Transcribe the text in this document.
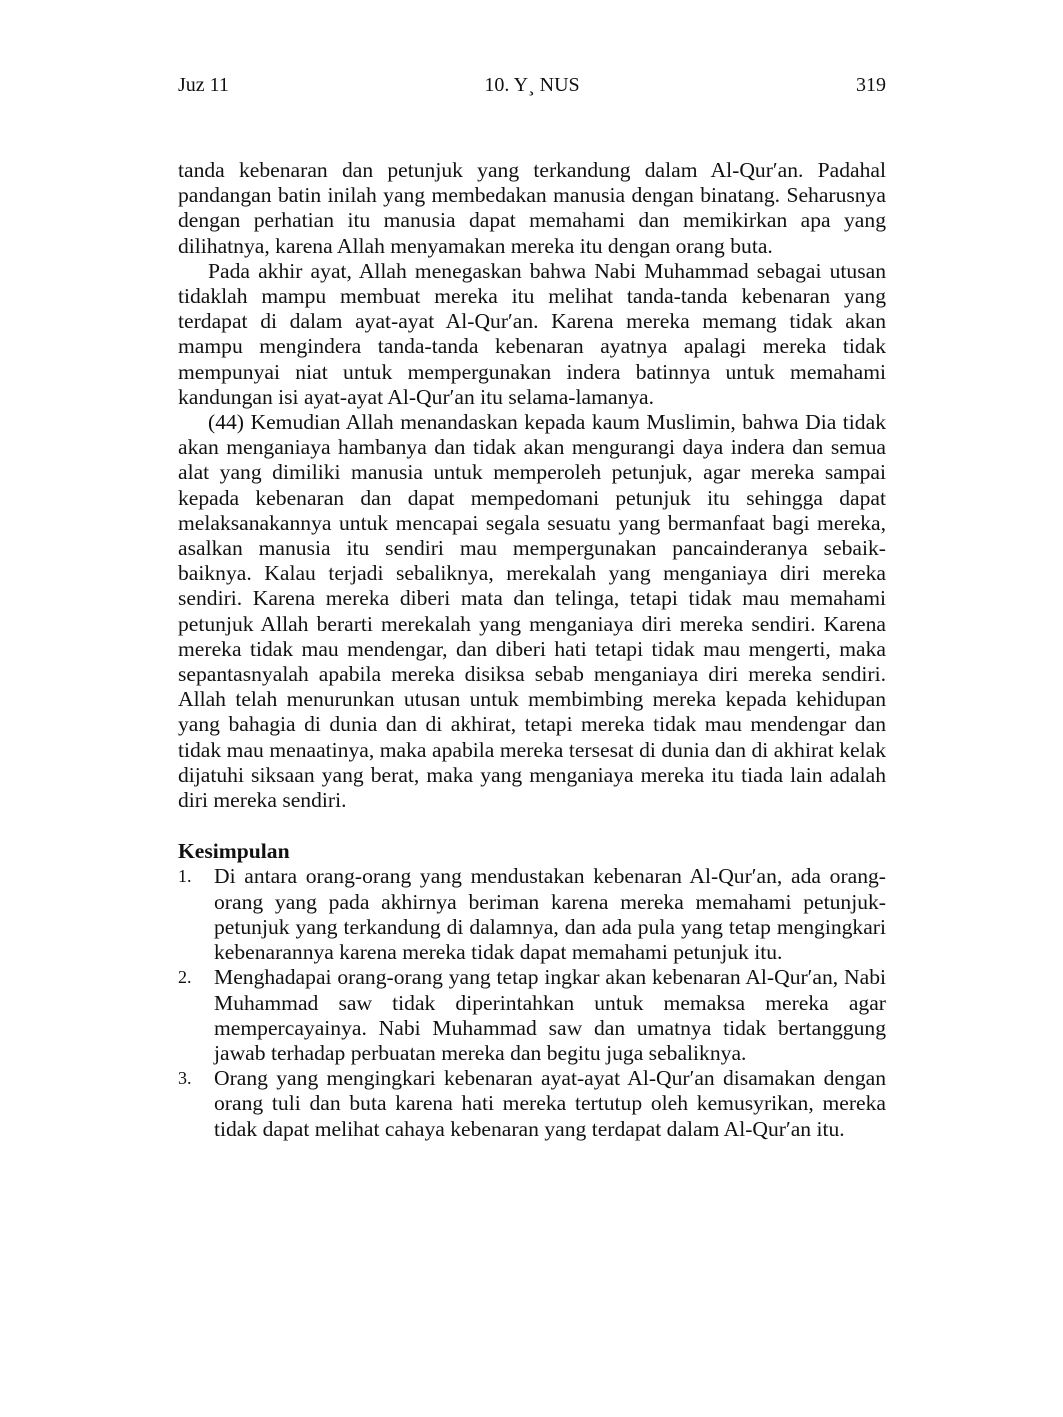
Juz 11	10. Y¸ NUS	319

tanda kebenaran dan petunjuk yang terkandung dalam Al-Qur′an. Padahal pandangan batin inilah yang membedakan manusia dengan binatang. Seharusnya dengan perhatian itu manusia dapat memahami dan memikirkan apa yang dilihatnya, karena Allah menyamakan mereka itu dengan orang buta.

Pada akhir ayat, Allah menegaskan bahwa Nabi Muhammad sebagai utusan tidaklah mampu membuat mereka itu melihat tanda-tanda kebenaran yang terdapat di dalam ayat-ayat Al-Qur′an. Karena mereka memang tidak akan mampu mengindera tanda-tanda kebenaran ayatnya apalagi mereka tidak mempunyai niat untuk mempergunakan indera batinnya untuk memahami kandungan isi ayat-ayat Al-Qur′an itu selama-lamanya.

(44) Kemudian Allah menandaskan kepada kaum Muslimin, bahwa Dia tidak akan menganiaya hambanya dan tidak akan mengurangi daya indera dan semua alat yang dimiliki manusia untuk memperoleh petunjuk, agar mereka sampai kepada kebenaran dan dapat mempedomani petunjuk itu sehingga dapat melaksanakannya untuk mencapai segala sesuatu yang bermanfaat bagi mereka, asalkan manusia itu sendiri mau mempergunakan pancainderanya sebaik-baiknya. Kalau terjadi sebaliknya, merekalah yang menganiaya diri mereka sendiri. Karena mereka diberi mata dan telinga, tetapi tidak mau memahami petunjuk Allah berarti merekalah yang menganiaya diri mereka sendiri. Karena mereka tidak mau mendengar, dan diberi hati tetapi tidak mau mengerti, maka sepantasnyalah apabila mereka disiksa sebab menganiaya diri mereka sendiri. Allah telah menurunkan utusan untuk membimbing mereka kepada kehidupan yang bahagia di dunia dan di akhirat, tetapi mereka tidak mau mendengar dan tidak mau menaatinya, maka apabila mereka tersesat di dunia dan di akhirat kelak dijatuhi siksaan yang berat, maka yang menganiaya mereka itu tiada lain adalah diri mereka sendiri.

Kesimpulan
1. Di antara orang-orang yang mendustakan kebenaran Al-Qur′an, ada orang-orang yang pada akhirnya beriman karena mereka memahami petunjuk-petunjuk yang terkandung di dalamnya, dan ada pula yang tetap mengingkari kebenarannya karena mereka tidak dapat memahami petunjuk itu.
2. Menghadapai orang-orang yang tetap ingkar akan kebenaran Al-Qur′an, Nabi Muhammad saw tidak diperintahkan untuk memaksa mereka agar mempercayainya. Nabi Muhammad saw dan umatnya tidak bertanggung jawab terhadap perbuatan mereka dan begitu juga sebaliknya.
3. Orang yang mengingkari kebenaran ayat-ayat Al-Qur′an disamakan dengan orang tuli dan buta karena hati mereka tertutup oleh kemusyrikan, mereka tidak dapat melihat cahaya kebenaran yang terdapat dalam Al-Qur′an itu.
